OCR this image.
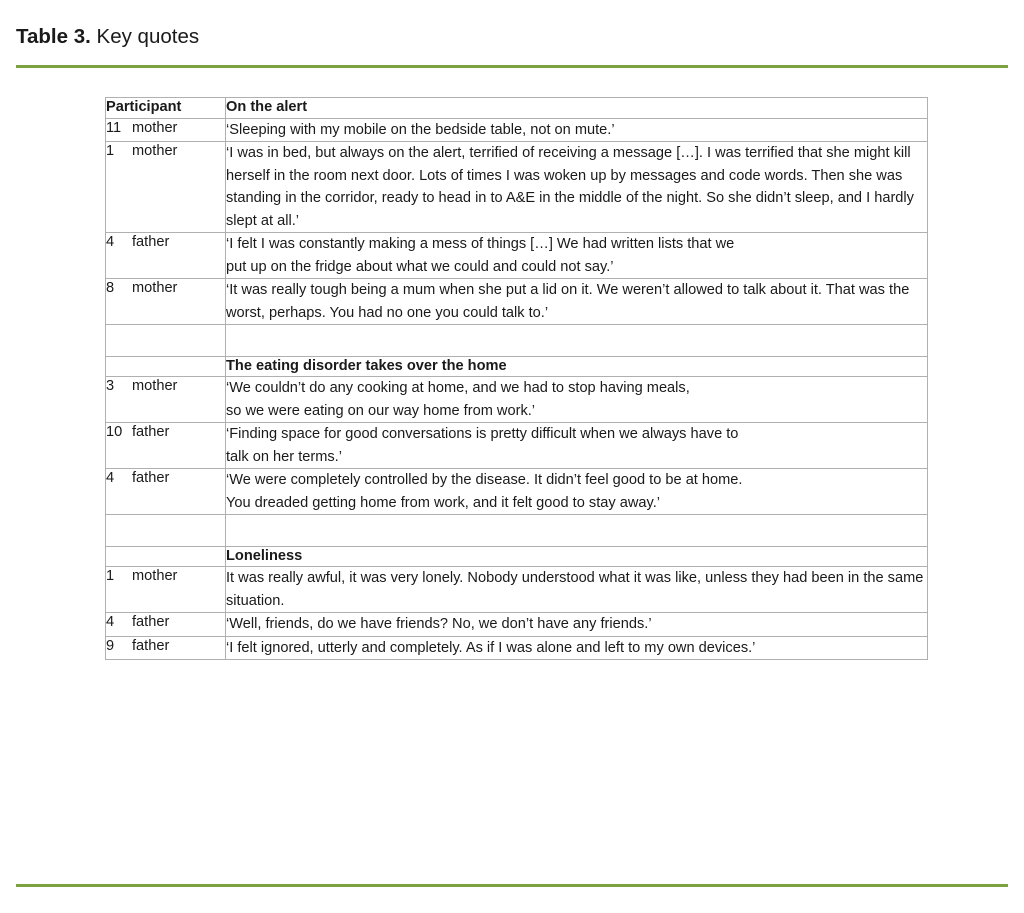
Table 3. Key quotes
Participant	On the alert
11 mother	‘Sleeping with my mobile on the bedside table, not on mute.’
1 mother	‘I was in bed, but always on the alert, terrified of receiving a message […]. I was terrified that she might kill herself in the room next door. Lots of times I was woken up by messages and code words. Then she was standing in the corridor, ready to head in to A&E in the middle of the night. So she didn’t sleep, and I hardly slept at all.’
4 father	‘I felt I was constantly making a mess of things […] We had written lists that we
put up on the fridge about what we could and could not say.’
8 mother	‘It was really tough being a mum when she put a lid on it. We weren’t allowed to talk about it. That was the worst, perhaps. You had no one you could talk to.’

	The eating disorder takes over the home
3 mother	‘We couldn’t do any cooking at home, and we had to stop having meals,
so we were eating on our way home from work.’
10 father	‘Finding space for good conversations is pretty difficult when we always have to
talk on her terms.’
4 father	‘We were completely controlled by the disease. It didn’t feel good to be at home.
You dreaded getting home from work, and it felt good to stay away.’

	Loneliness
1 mother	It was really awful, it was very lonely. Nobody understood what it was like, unless they had been in the same situation.
4 father	‘Well, friends, do we have friends? No, we don’t have any friends.’
9 father	‘I felt ignored, utterly and completely. As if I was alone and left to my own devices.’
